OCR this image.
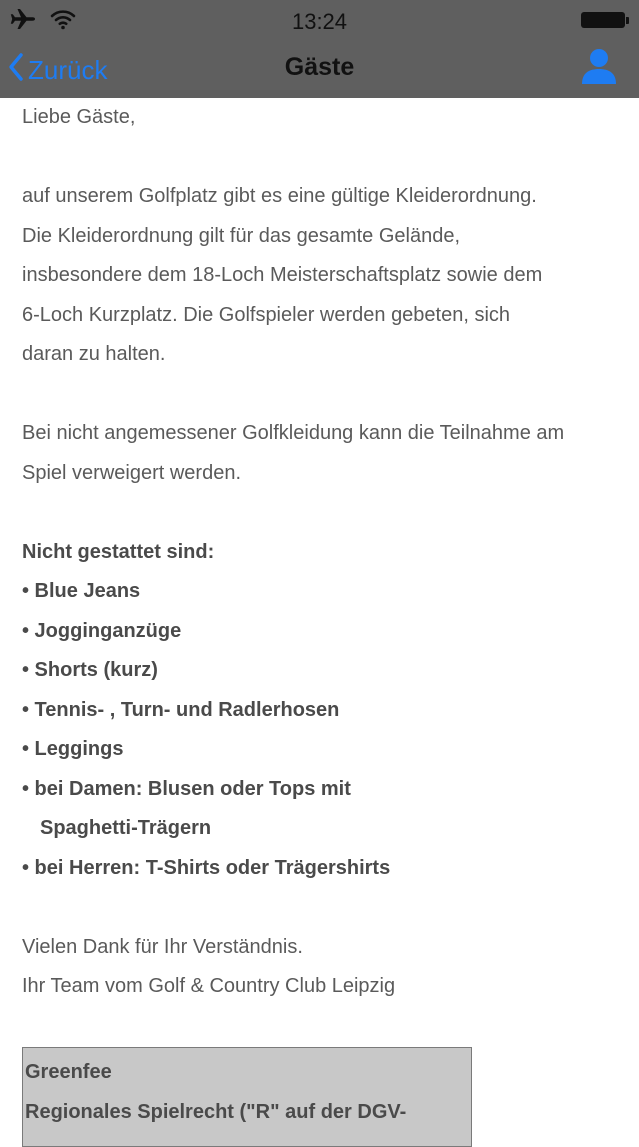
13:24
Zurück	Gäste
Liebe Gäste,
auf unserem Golfplatz gibt es eine gültige Kleiderordnung.
Die Kleiderordnung gilt für das gesamte Gelände,
insbesondere dem 18-Loch Meisterschaftsplatz sowie dem
6-Loch Kurzplatz. Die Golfspieler werden gebeten, sich
daran zu halten.
Bei nicht angemessener Golfkleidung kann die Teilnahme am
Spiel verweigert werden.
Nicht gestattet sind:
• Blue Jeans
• Jogginganzüge
• Shorts (kurz)
• Tennis- , Turn- und Radlerhosen
• Leggings
• bei Damen: Blusen oder Tops mit
Spaghetti-Trägern
• bei Herren: T-Shirts oder Trägershirts
Vielen Dank für Ihr Verständnis.
Ihr Team vom Golf & Country Club Leipzig
Greenfee
Regionales Spielrecht ("R" auf der DGV-
